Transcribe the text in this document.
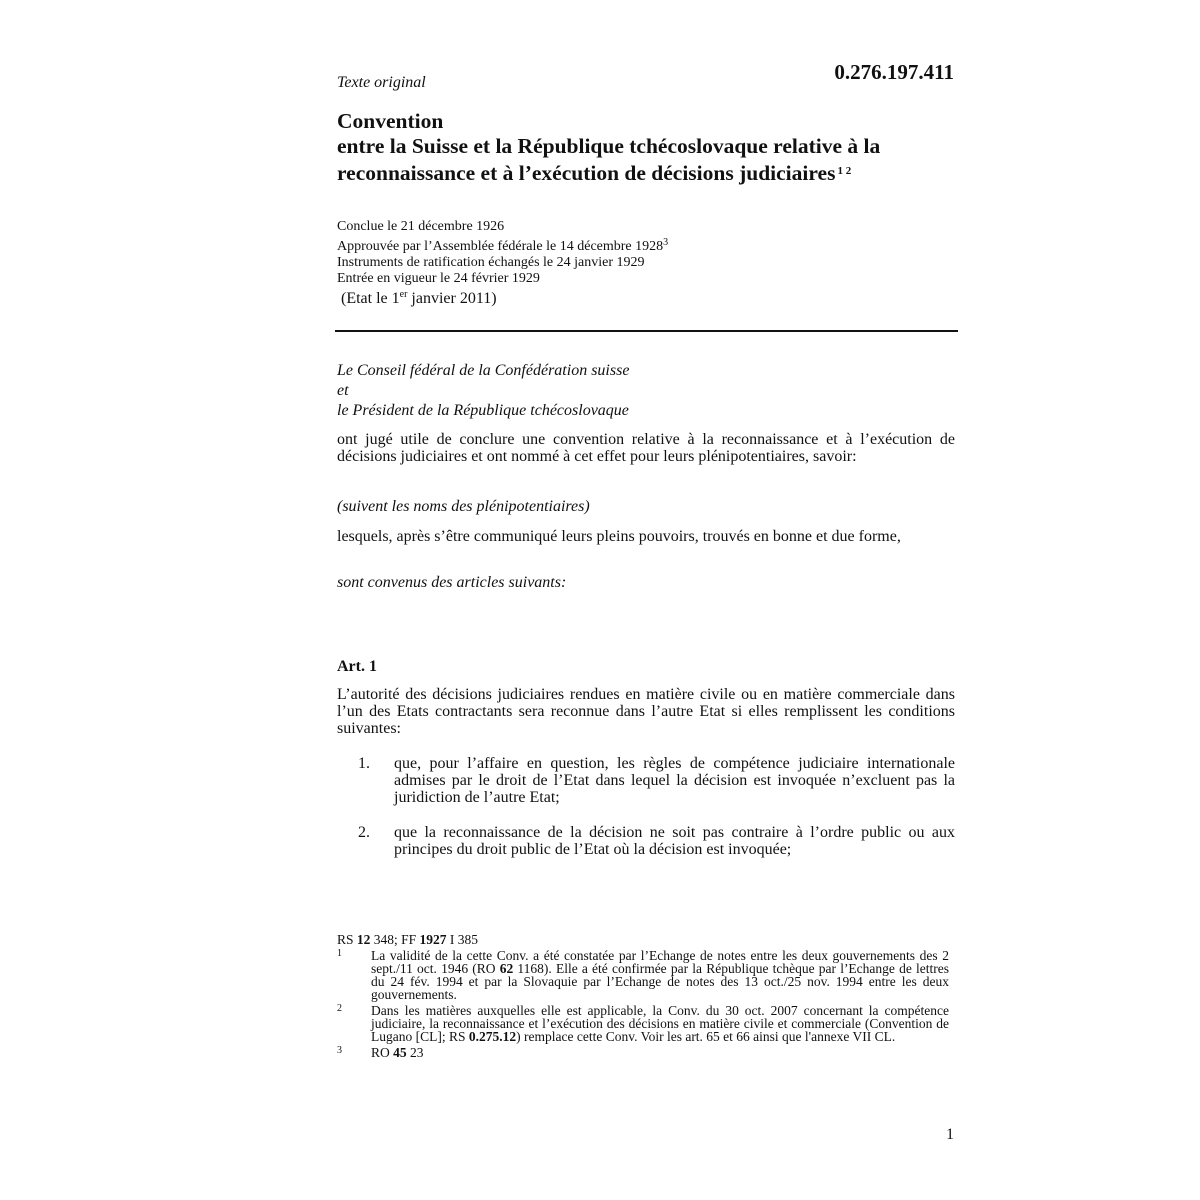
Texte original	0.276.197.411
Convention
entre la Suisse et la République tchécoslovaque relative à la
reconnaissance et à l’exécution de décisions judiciaires $^{1 2}$
Conclue le 21 décembre 1926
Approuvée par l’Assemblée fédérale le 14 décembre 1928$^3$
Instruments de ratification échangés le 24 janvier 1929
Entrée en vigueur le 24 février 1929
(Etat le 1er janvier 2011)
Le Conseil fédéral de la Confédération suisse
et
le Président de la République tchécoslovaque
ont jugé utile de conclure une convention relative à la reconnaissance et à l’exécution de décisions judiciaires et ont nommé à cet effet pour leurs plénipotentiaires, savoir:
(suivent les noms des plénipotentiaires)
lesquels, après s’être communiqué leurs pleins pouvoirs, trouvés en bonne et due forme,
sont convenus des articles suivants:
Art. 1
L’autorité des décisions judiciaires rendues en matière civile ou en matière commerciale dans l’un des Etats contractants sera reconnue dans l’autre Etat si elles remplissent les conditions suivantes:
1. que, pour l’affaire en question, les règles de compétence judiciaire internationale admises par le droit de l’Etat dans lequel la décision est invoquée n’excluent pas la juridiction de l’autre Etat;
2. que la reconnaissance de la décision ne soit pas contraire à l’ordre public ou aux principes du droit public de l’Etat où la décision est invoquée;
RS 12 348; FF 1927 I 385
1 La validité de la cette Conv. a été constatée par l’Echange de notes entre les deux gouvernements des 2 sept./11 oct. 1946 (RO 62 1168). Elle a été confirmée par la République tchèque par l’Echange de lettres du 24 fév. 1994 et par la Slovaquie par l’Echange de notes des 13 oct./25 nov. 1994 entre les deux gouvernements.
2 Dans les matières auxquelles elle est applicable, la Conv. du 30 oct. 2007 concernant la compétence judiciaire, la reconnaissance et l’exécution des décisions en matière civile et commerciale (Convention de Lugano [CL]; RS 0.275.12) remplace cette Conv. Voir les art. 65 et 66 ainsi que l'annexe VII CL.
3 RO 45 23
1
